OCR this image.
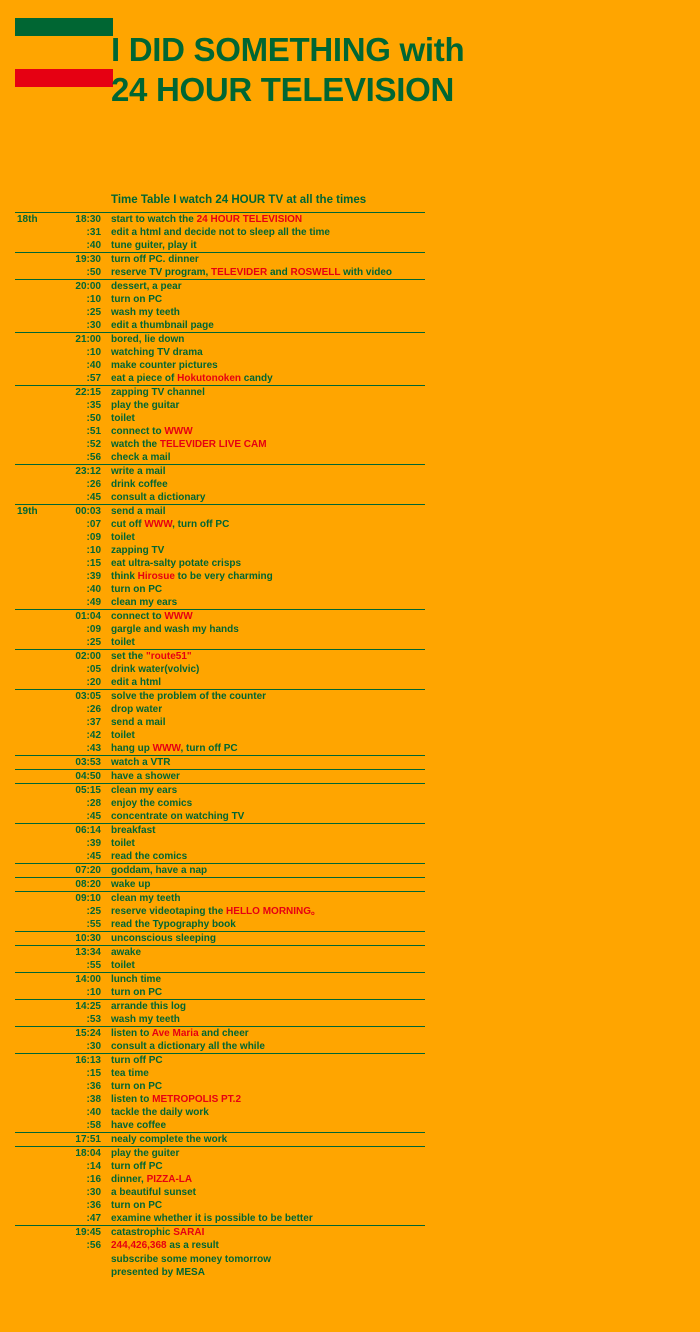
I DID SOMETHING with
24 HOUR TELEVISION
Time Table I watch 24 HOUR TV at all the times
18th	18:30 start to watch the 24 HOUR TELEVISION
:31 edit a html and decide not to sleep all the time
:40 tune guiter, play it
19:30 turn off PC. dinner
:50 reserve TV program, TELEVIDER and ROSWELL with video
20:00 dessert, a pear
:10 turn on PC
:25 wash my teeth
:30 edit a thumbnail page
21:00 bored, lie down
:10 watching TV drama
:40 make counter pictures
:57 eat a piece of Hokutonoken candy
22:15 zapping TV channel
:35 play the guitar
:50 toilet
:51 connect to WWW
:52 watch the TELEVIDER LIVE CAM
:56 check a mail
23:12 write a mail
:26 drink coffee
:45 consult a dictionary
19th	00:03 send a mail
:07 cut off WWW, turn off PC
:09 toilet
:10 zapping TV
:15 eat ultra-salty potate crisps
:39 think Hirosue to be very charming
:40 turn on PC
:49 clean my ears
01:04 connect to WWW
:09 gargle and wash my hands
:25 toilet
02:00 set the "route51"
:05 drink water(volvic)
:20 edit a html
03:05 solve the problem of the counter
:26 drop water
:37 send a mail
:42 toilet
:43 hang up WWW, turn off PC
03:53 watch a VTR
04:50 have a shower
05:15 clean my ears
:28 enjoy the comics
:45 concentrate on watching TV
06:14 breakfast
:39 toilet
:45 read the comics
07:20 goddam, have a nap
08:20 wake up
09:10 clean my teeth
:25 reserve videotaping the HELLO MORNING。
:55 read the Typography book
10:30 unconscious sleeping
13:34 awake
:55 toilet
14:00 lunch time
:10 turn on PC
14:25 arrande this log
:53 wash my teeth
15:24 listen to Ave Maria and cheer
:30 consult a dictionary all the while
16:13 turn off PC
:15 tea time
:36 turn on PC
:38 listen to METROPOLIS PT.2
:40 tackle the daily work
:58 have coffee
17:51 nealy complete the work
18:04 play the guiter
:14 turn off PC
:16 dinner, PIZZA-LA
:30 a beautiful sunset
:36 turn on PC
:47 examine whether it is possible to be better
19:45 catastrophic SARAI
:56 244,426,368 as a result
subscribe some money tomorrow
presented by MESA
